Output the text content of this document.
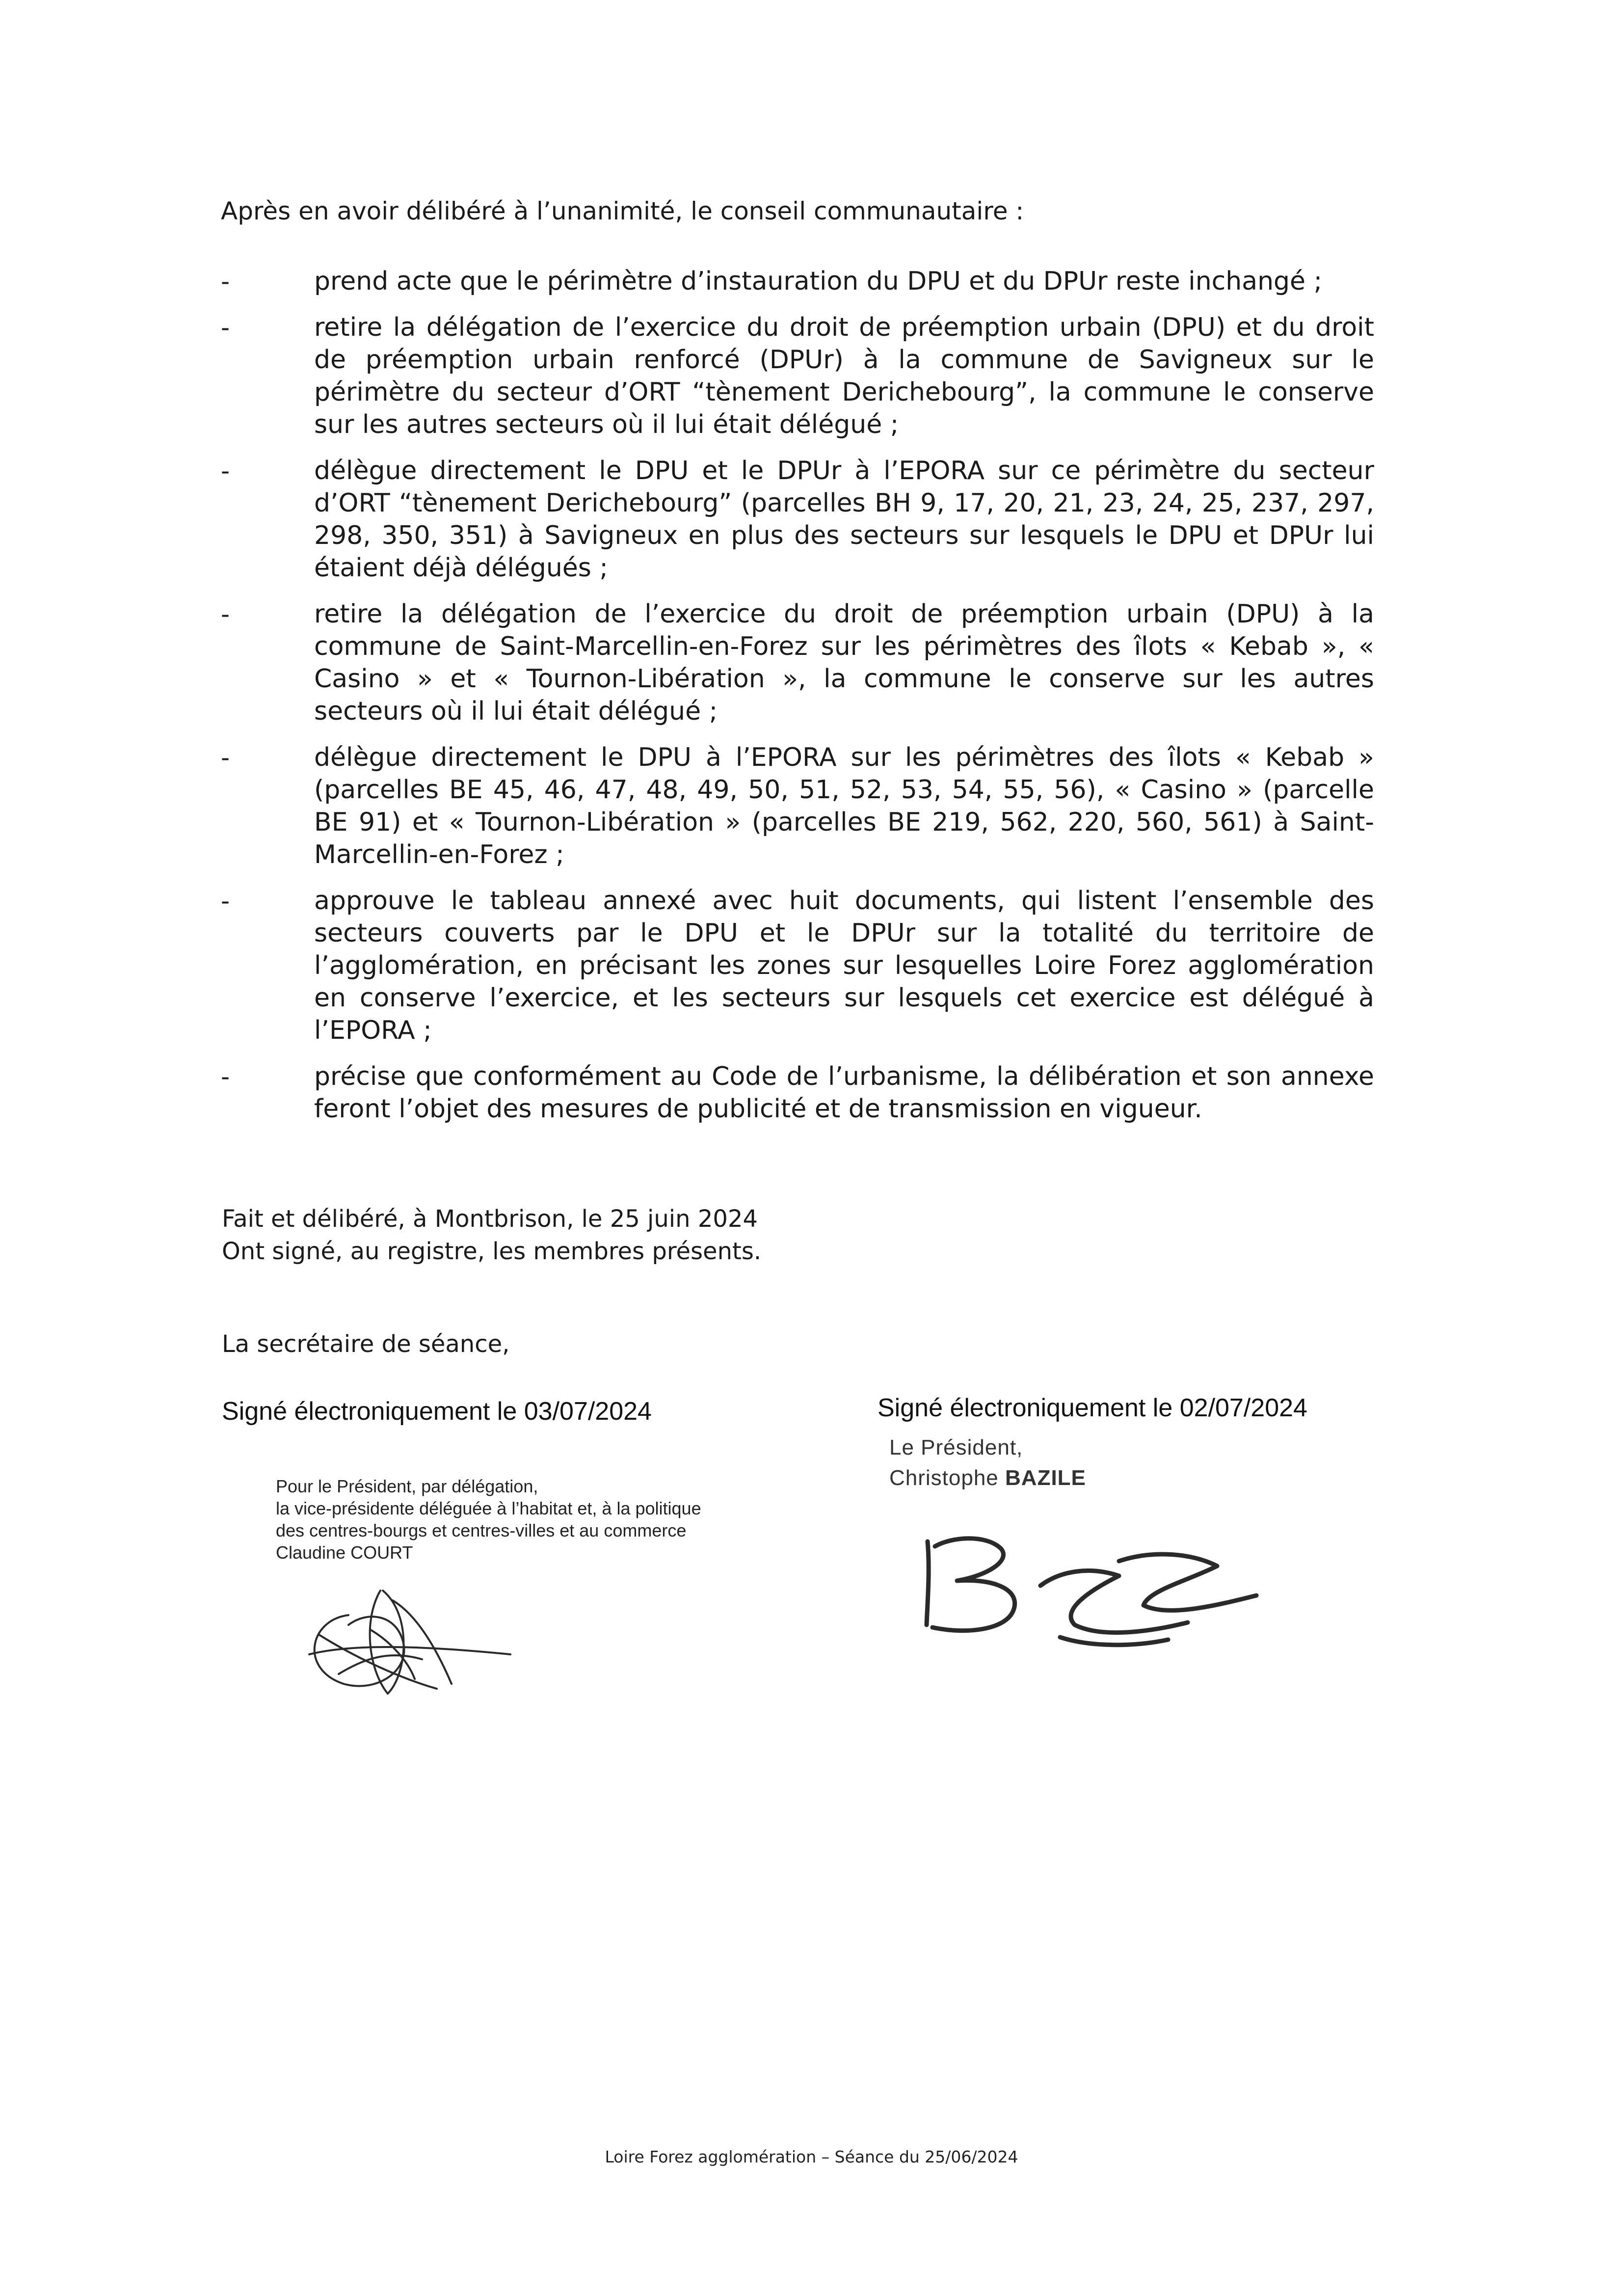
Après en avoir délibéré à l’unanimité, le conseil communautaire :

-	prend acte que le périmètre d’instauration du DPU et du DPUr reste inchangé ;
-	retire la délégation de l’exercice du droit de préemption urbain (DPU) et du droit de préemption urbain renforcé (DPUr) à la commune de Savigneux sur le périmètre du secteur d’ORT “tènement Derichebourg”, la commune le conserve sur les autres secteurs où il lui était délégué ;
-	délègue directement le DPU et le DPUr à l’EPORA sur ce périmètre du secteur d’ORT “tènement Derichebourg” (parcelles BH 9, 17, 20, 21, 23, 24, 25, 237, 297, 298, 350, 351) à Savigneux en plus des secteurs sur lesquels le DPU et DPUr lui étaient déjà délégués ;
-	retire la délégation de l’exercice du droit de préemption urbain (DPU) à la commune de Saint-Marcellin-en-Forez sur les périmètres des îlots « Kebab », « Casino » et « Tournon-Libération », la commune le conserve sur les autres secteurs où il lui était délégué ;
-	délègue directement le DPU à l’EPORA sur les périmètres des îlots « Kebab » (parcelles BE 45, 46, 47, 48, 49, 50, 51, 52, 53, 54, 55, 56), « Casino » (parcelle BE 91) et « Tournon-Libération » (parcelles BE 219, 562, 220, 560, 561) à Saint-Marcellin-en-Forez ;
-	approuve le tableau annexé avec huit documents, qui listent l’ensemble des secteurs couverts par le DPU et le DPUr sur la totalité du territoire de l’agglomération, en précisant les zones sur lesquelles Loire Forez agglomération en conserve l’exercice, et les secteurs sur lesquels cet exercice est délégué à l’EPORA ;
-	précise que conformément au Code de l’urbanisme, la délibération et son annexe feront l’objet des mesures de publicité et de transmission en vigueur.
Fait et délibéré, à Montbrison, le 25 juin 2024
Ont signé, au registre, les membres présents.

La secrétaire de séance,

Signé électroniquement le 03/07/2024	Signé électroniquement le 02/07/2024

Pour le Président, par délégation,
la vice-présidente déléguée à l’habitat et, à la politique
des centres-bourgs et centres-villes et au commerce
Claudine COURT
Le Président,
Christophe BAZILE

Loire Forez agglomération – Séance du 25/06/2024
